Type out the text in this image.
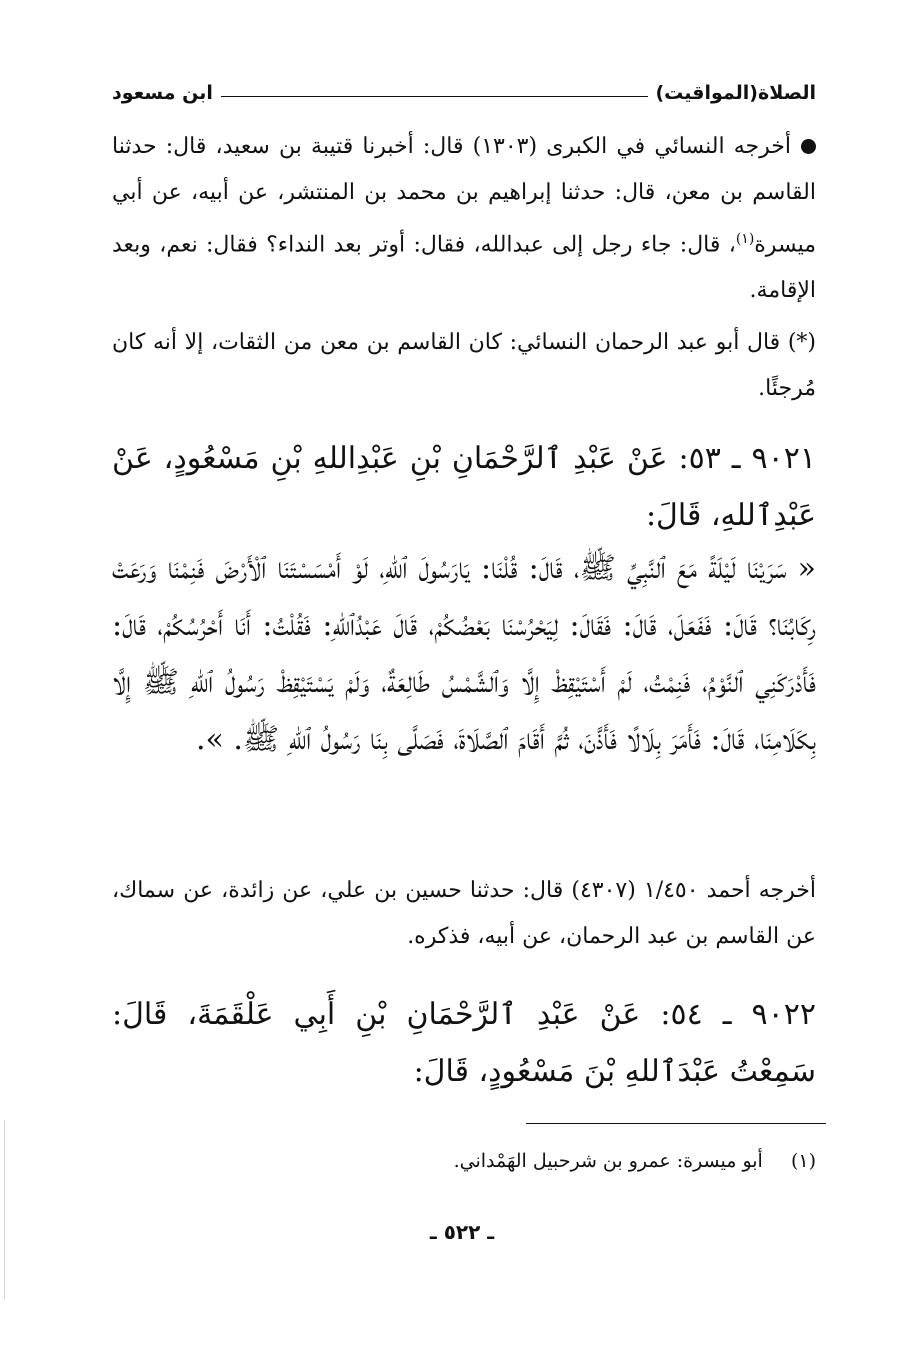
الصلاة(المواقيت)
ابن مسعود
أخرجه النسائي في الكبرى (١٣٠٣) قال: أخبرنا قتيبة بن سعيد، قال: حدثنا القاسم بن معن، قال: حدثنا إبراهيم بن محمد بن المنتشر، عن أبيه، عن أبي ميسرة$^{(١)}$، قال: جاء رجل إلى عبدالله، فقال: أوتر بعد النداء؟ فقال: نعم، وبعد الإقامة.
(*) قال أبو عبد الرحمان النسائي: كان القاسم بن معن من الثقات، إلا أنه كان مُرجئًا.
٩٠٢١ ـ ٥٣: عَنْ عَبْدِ ٱلرَّحْمَانِ بْنِ عَبْدِاللهِ بْنِ مَسْعُودٍ، عَنْ عَبْدِٱللهِ، قَالَ:
« سَرَيْنَا لَيْلَةً مَعَ ٱلنَّبِيِّ ﷺ، قَالَ: قُلْنَا: يَارَسُولَ ٱللهِ، لَوْ أَمْسَسْتَنَا ٱلْأَرْضَ فَنِمْنَا وَرَعَتْ رِكَابُنَا؟ قَالَ: فَفَعَلَ، قَالَ: فَقَالَ: لِيَحْرُسْنَا بَعْضُكُمْ، قَالَ عَبْدُٱللهِ: فَقُلْتُ: أَنَا أَحْرُسُكُمْ، قَالَ: فَأَدْرَكَنِي ٱلنَّوْمُ، فَنِمْتُ، لَمْ أَسْتَيْقِظْ إِلَّا وَٱلشَّمْسُ طَالِعَةٌ، وَلَمْ يَسْتَيْقِظْ رَسُولُ ٱللهِ ﷺ إِلَّا بِكَلَامِنَا، قَالَ: فَأَمَرَ بِلَالًا فَأَذَّنَ، ثُمَّ أَقَامَ ٱلصَّلَاةَ، فَصَلَّى بِنَا رَسُولُ ٱللهِ ﷺ. ».
أخرجه أحمد ١/٤٥٠ (٤٣٠٧) قال: حدثنا حسين بن علي، عن زائدة، عن سماك، عن القاسم بن عبد الرحمان، عن أبيه، فذكره.
٩٠٢٢ ـ ٥٤: عَنْ عَبْدِ ٱلرَّحْمَانِ بْنِ أَبِي عَلْقَمَةَ، قَالَ: سَمِعْتُ عَبْدَٱللهِ بْنَ مَسْعُودٍ، قَالَ:
(١)  أبو ميسرة: عمرو بن شرحبيل الهَمْداني.
ـ ٥٢٢ ـ
